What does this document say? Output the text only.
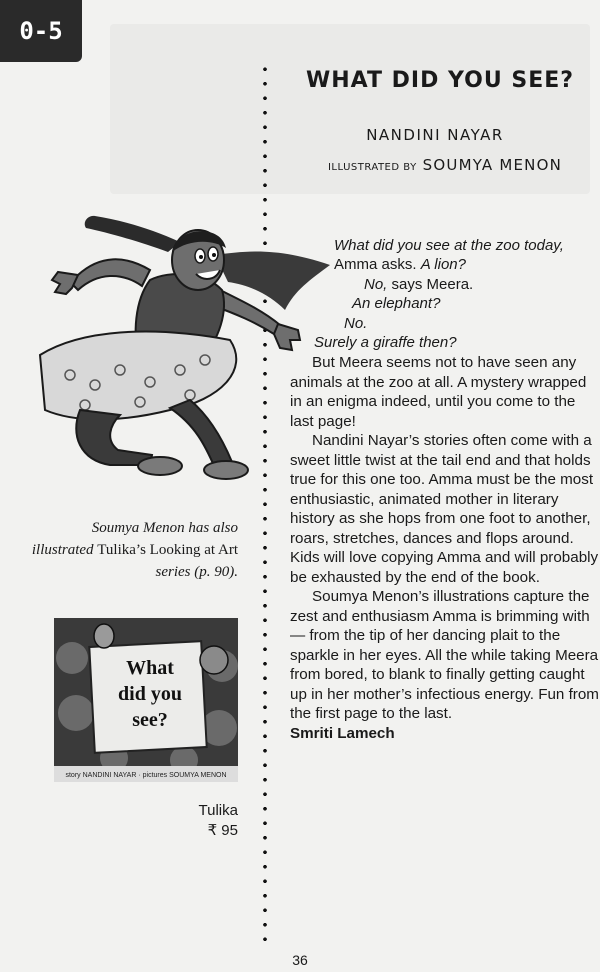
0-5
WHAT DID YOU SEE?
NANDINI NAYAR
ILLUSTRATED BY SOUMYA MENON
Soumya Menon has also illustrated Tulika’s Looking at Art series (p. 90).
What
did you
see?
story NANDINI NAYAR · pictures SOUMYA MENON
Tulika
₹ 95
What did you see at the zoo today,
Amma asks. A lion?
No, says Meera.
An elephant?
No.
Surely a giraffe then?

But Meera seems not to have seen any animals at the zoo at all. A mystery wrapped in an enigma indeed, until you come to the last page!

Nandini Nayar’s stories often come with a sweet little twist at the tail end and that holds true for this one too. Amma must be the most enthusiastic, animated mother in literary history as she hops from one foot to another, roars, stretches, dances and flops around. Kids will love copying Amma and will probably be exhausted by the end of the book.

Soumya Menon’s illustrations capture the zest and enthusiasm Amma is brimming with — from the tip of her dancing plait to the sparkle in her eyes. All the while taking Meera from bored, to blank to finally getting caught up in her mother’s infectious energy. Fun from the first page to the last.

Smriti Lamech
36
